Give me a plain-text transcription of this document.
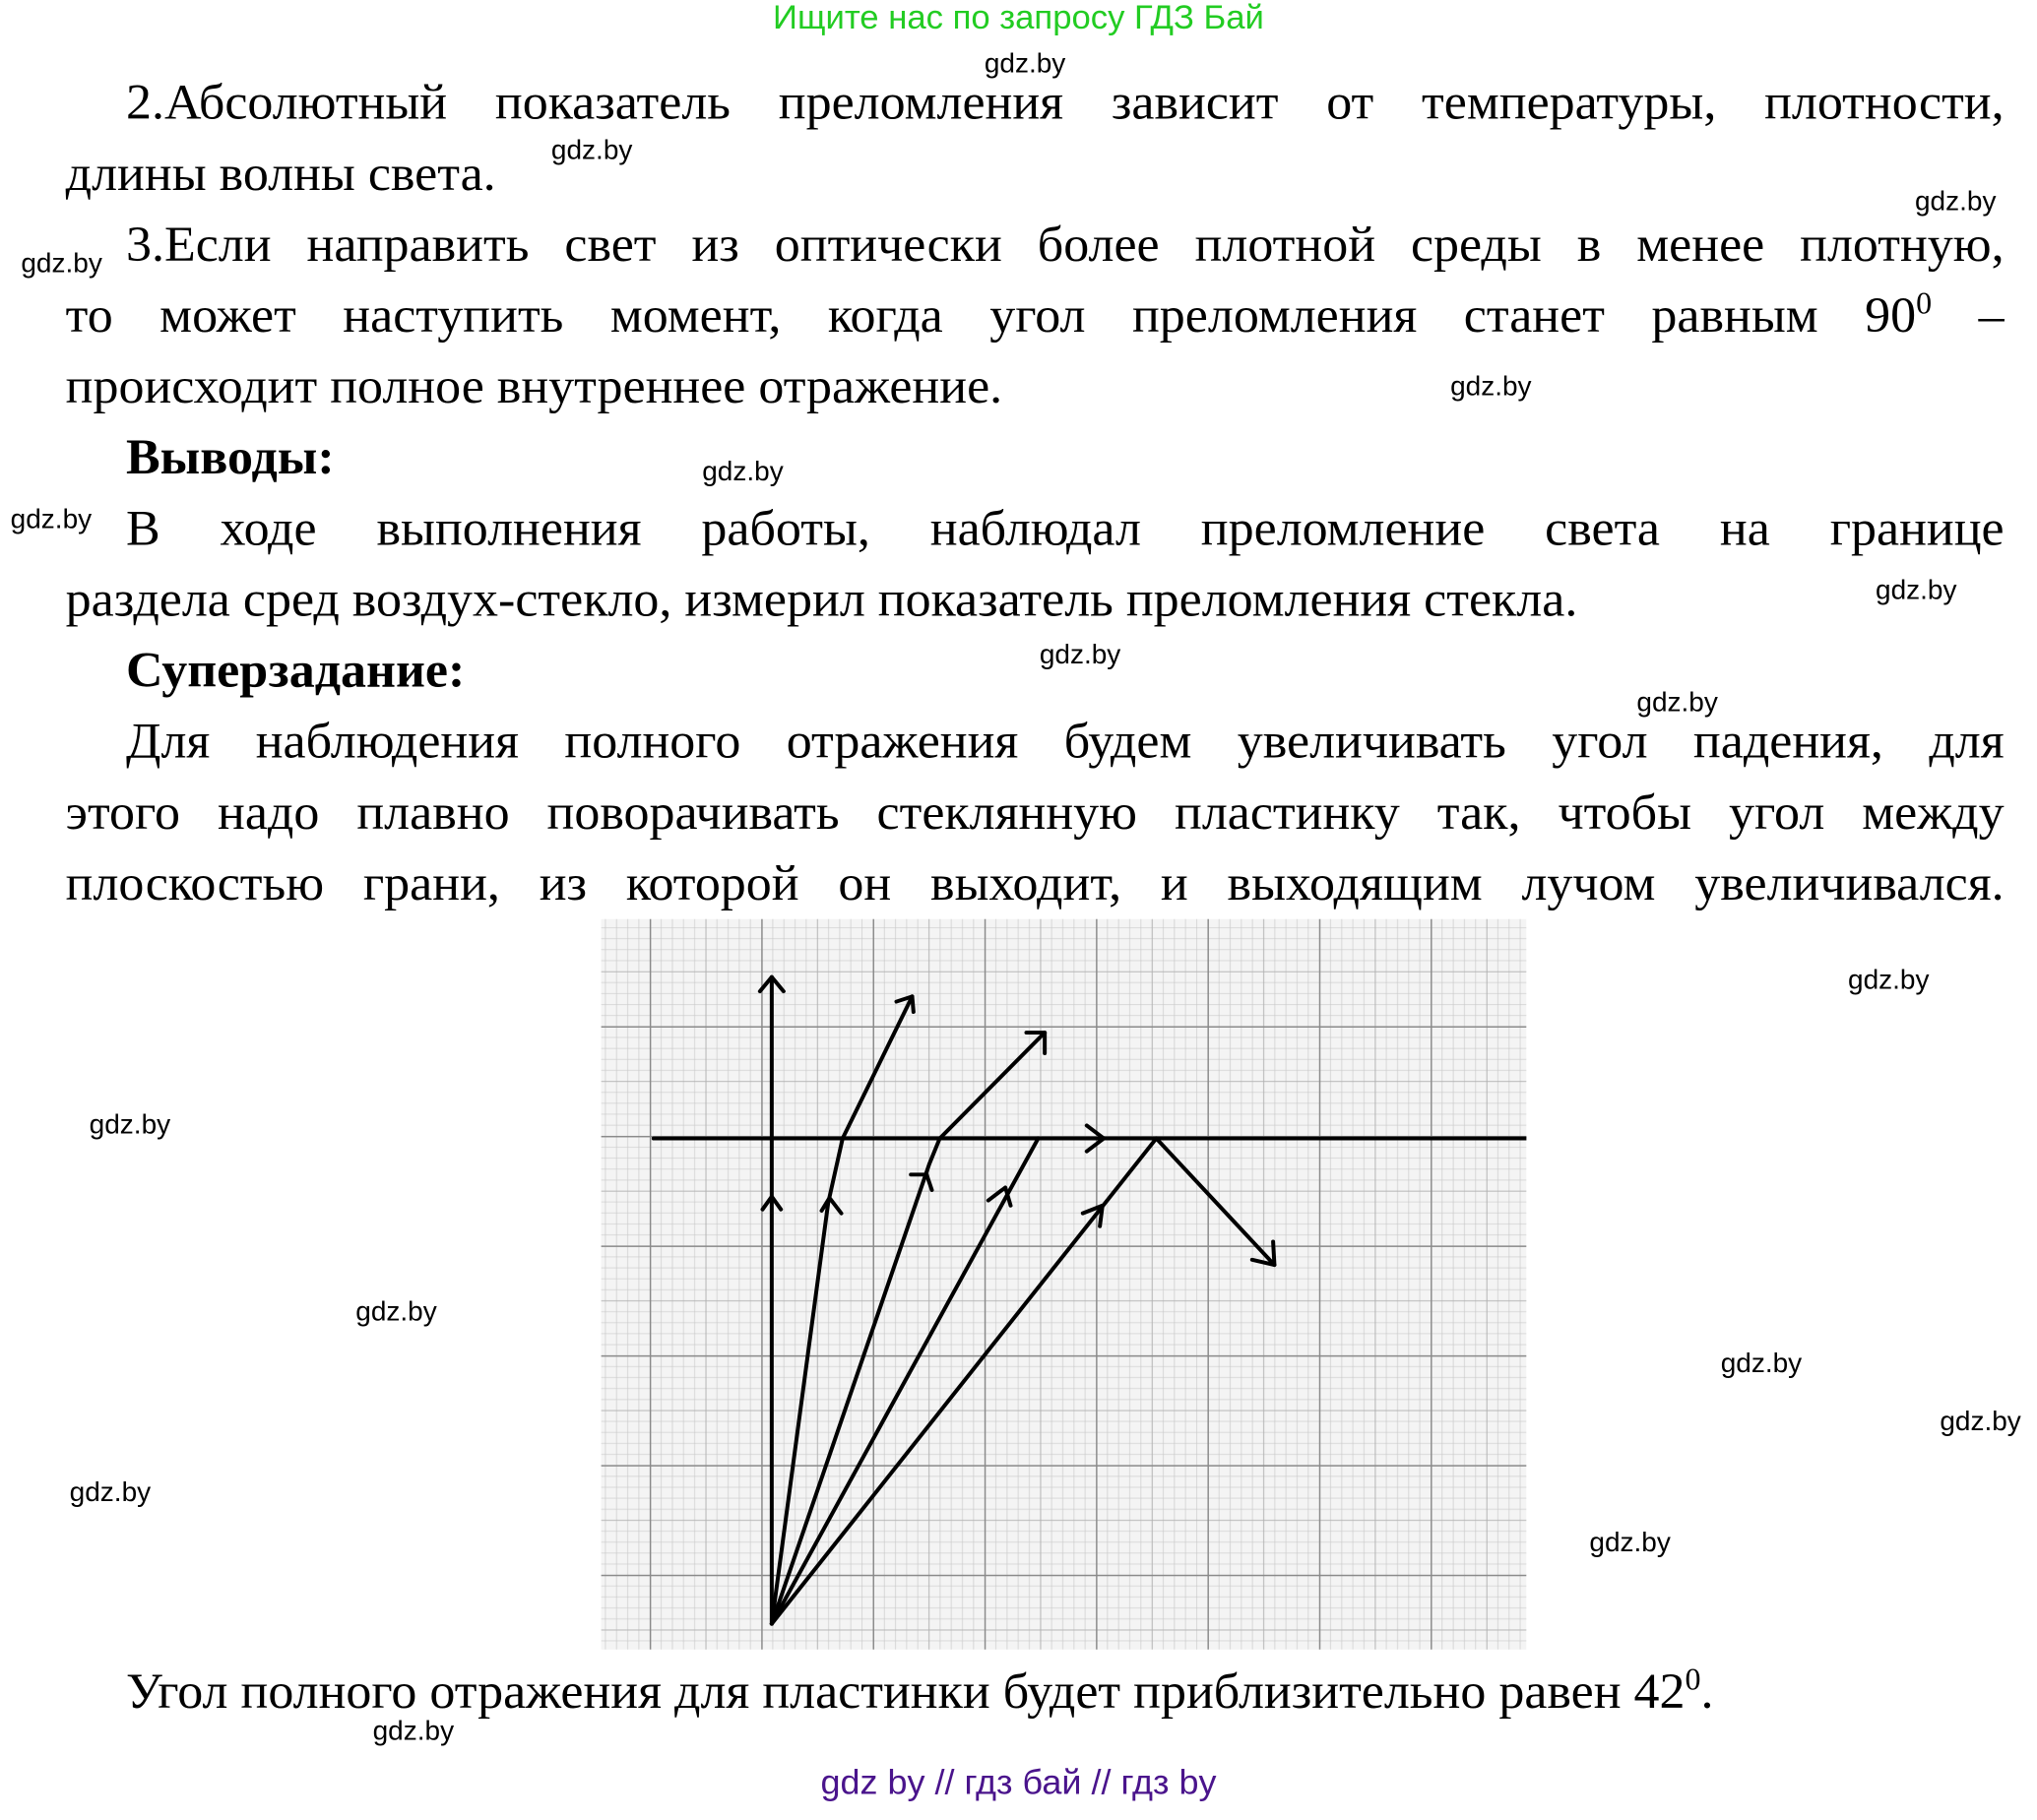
Ищите нас по запросу ГДЗ Бай
gdz.by
gdz.by
gdz.by
gdz.by
gdz.by
gdz.by
gdz.by
gdz.by
gdz.by
gdz.by
gdz.by
gdz.by
gdz.by
gdz.by
gdz.by
gdz.by
gdz.by
gdz.by
2.Абсолютный показатель преломления зависит от температуры, плотности,
длины волны света.
3.Если направить свет из оптически более плотной среды в менее плотную,
то может наступить момент, когда угол преломления станет равным $90^0$ –
происходит полное внутреннее отражение.
Выводы:
В ходе выполнения работы, наблюдал преломление света на границе
раздела сред воздух-стекло, измерил показатель преломления стекла.
Суперзадание:
Для наблюдения полного отражения будем увеличивать угол падения, для
этого надо плавно поворачивать стеклянную пластинку так, чтобы угол между
плоскостью грани, из которой он выходит, и выходящим лучом увеличивался.
Угол полного отражения для пластинки будет приблизительно равен $42^0$.
gdz by // гдз бай // гдз by
